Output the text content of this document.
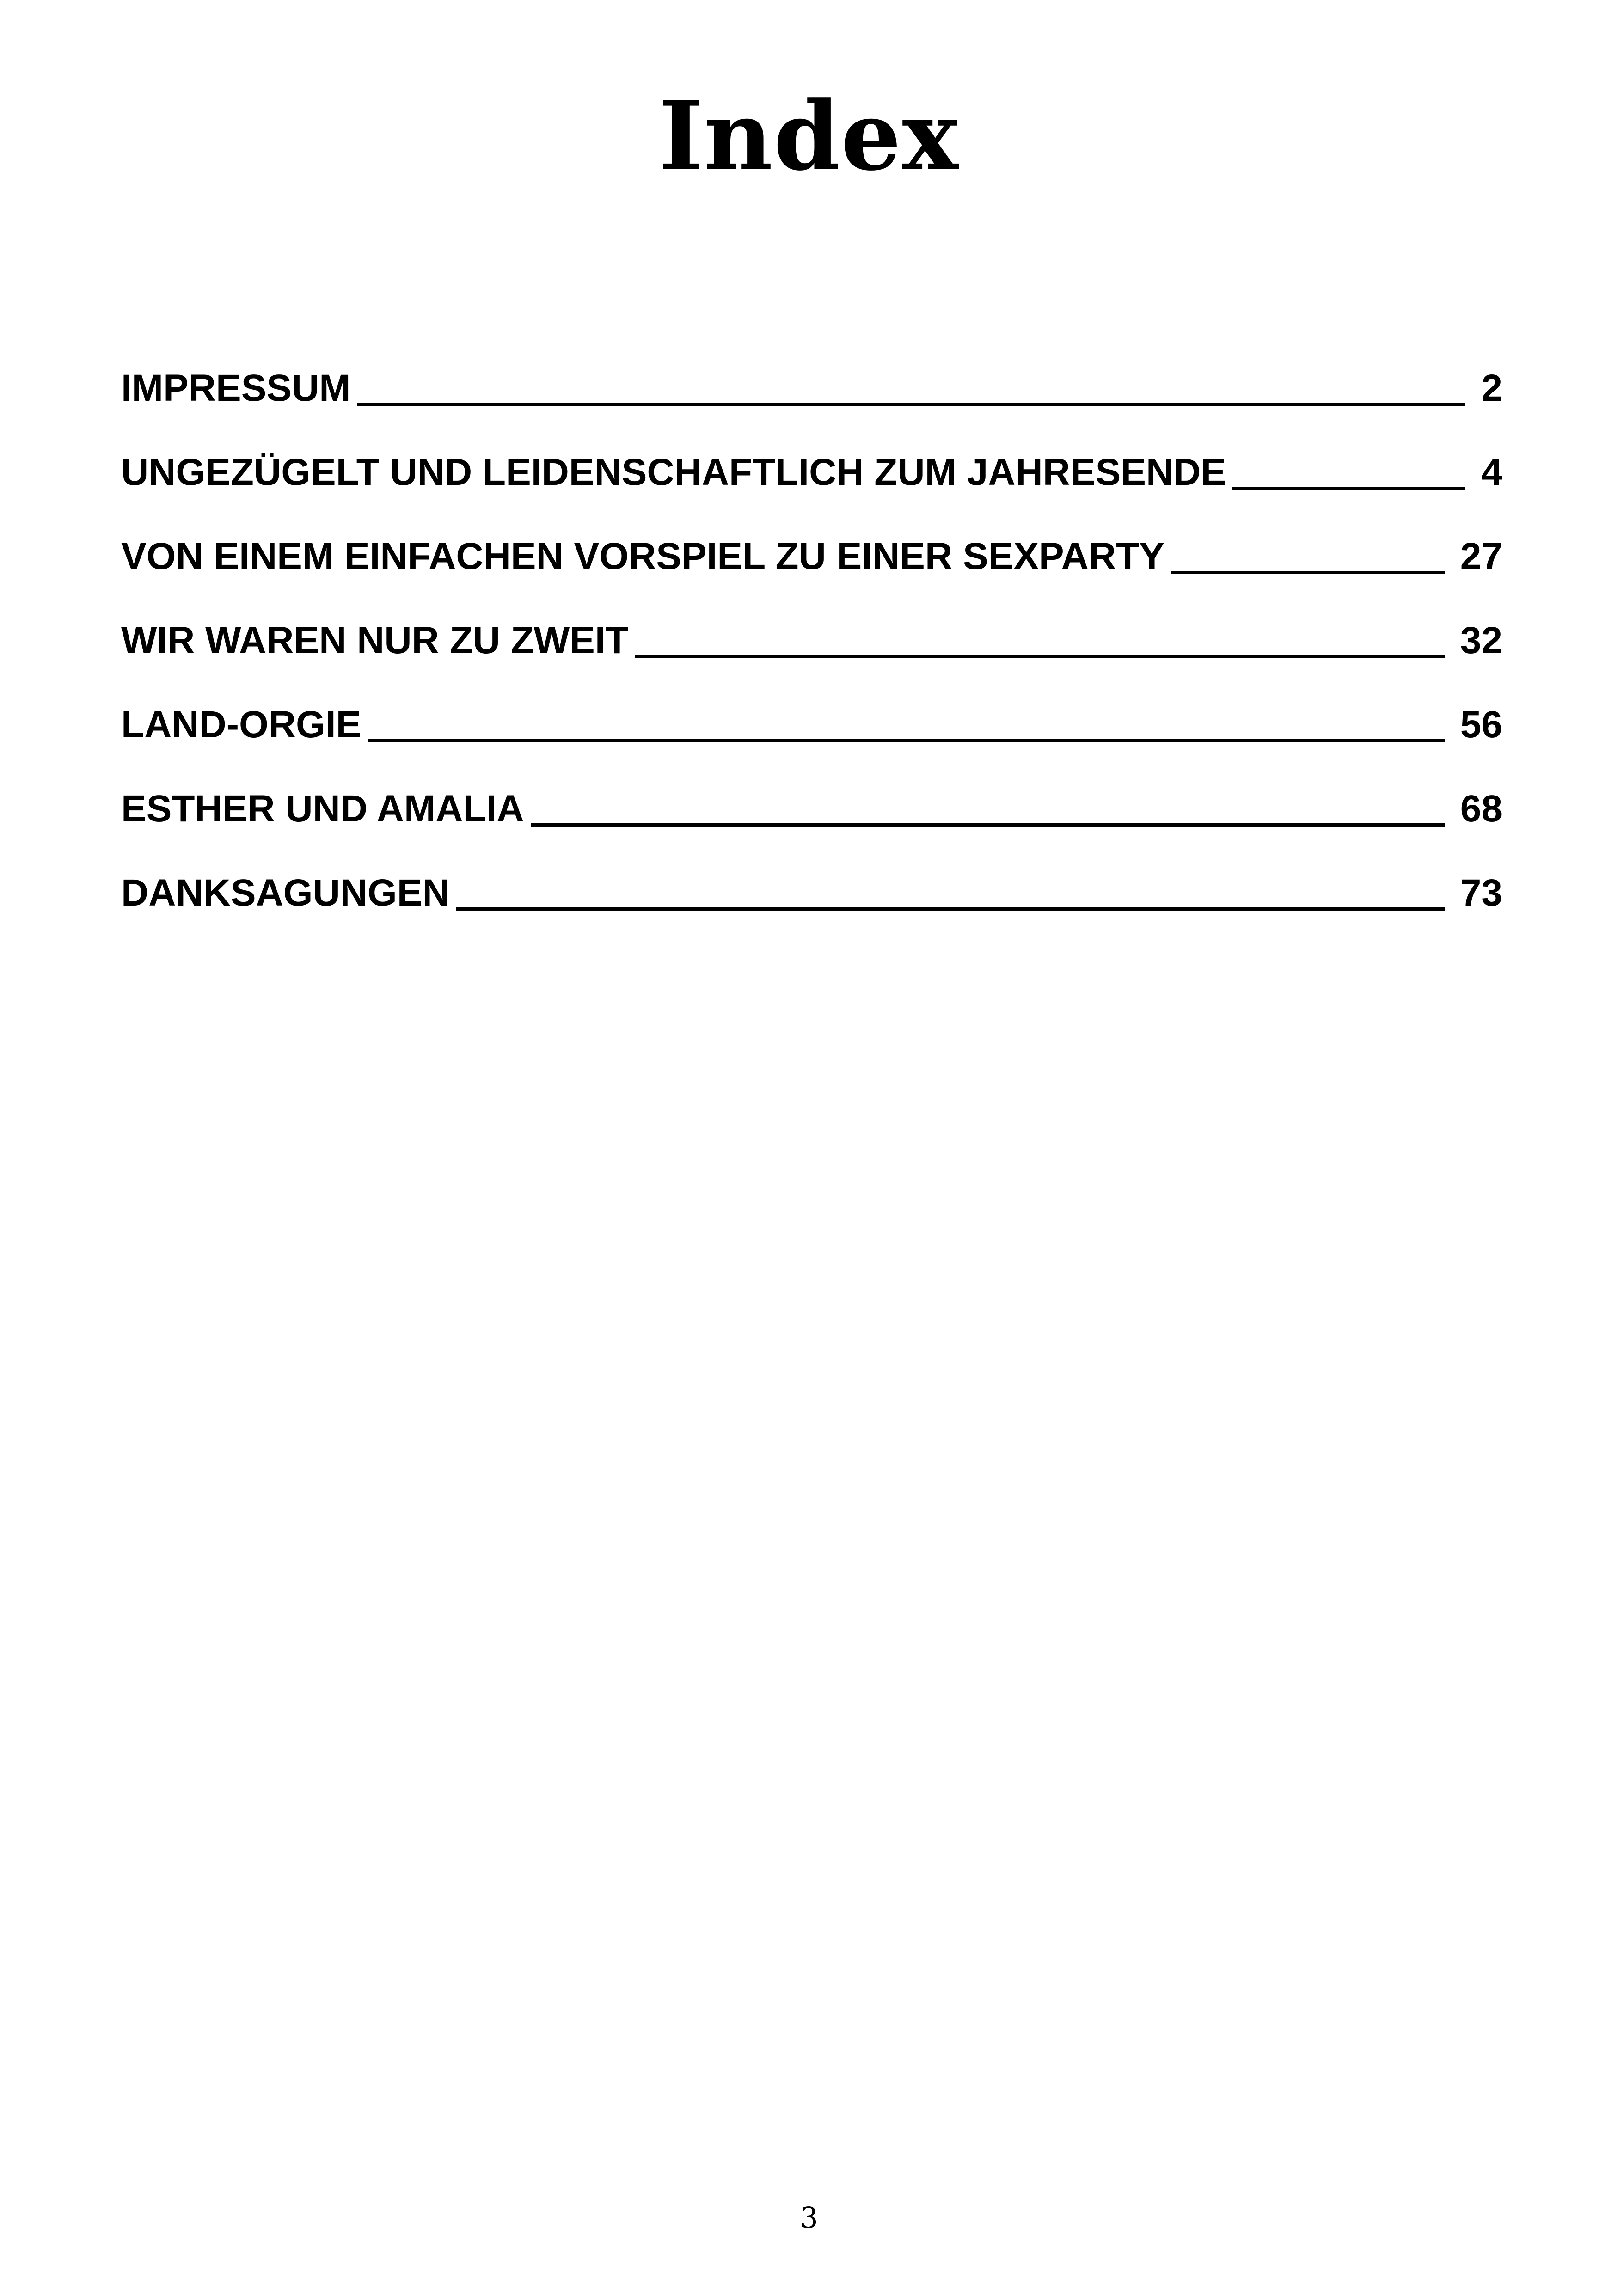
Index
IMPRESSUM	2
UNGEZÜGELT UND LEIDENSCHAFTLICH ZUM JAHRESENDE	4
VON EINEM EINFACHEN VORSPIEL ZU EINER SEXPARTY	27
WIR WAREN NUR ZU ZWEIT	32
LAND-ORGIE	56
ESTHER UND AMALIA	68
DANKSAGUNGEN	73
3
